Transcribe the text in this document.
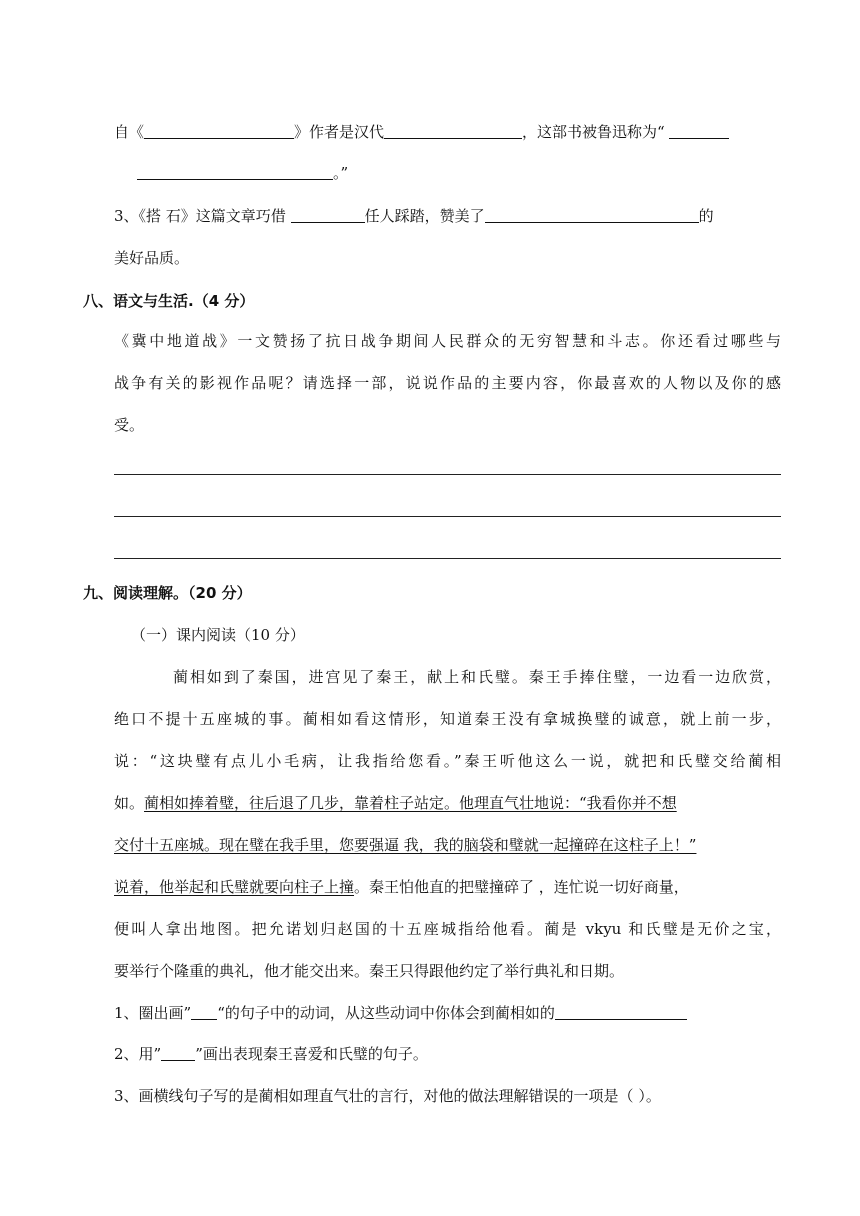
自《	》作者是汉代	，这部书被鲁迅称为“
。”
3、《搭 石》这篇文章巧借	任人踩踏，赞美了	的
美好品质。
八、语文与生活.（4 分）
《冀中地道战》一文赞扬了抗日战争期间人民群众的无穷智慧和斗志。你还看过哪些与
战争有关的影视作品呢？请选择一部，说说作品的主要内容，你最喜欢的人物以及你的感
受。
九、阅读理解。（20 分）
（一）课内阅读（10 分）
蔺相如到了秦国，进宫见了秦王，献上和氏璧。秦王手捧住璧，一边看一边欣赏，
绝口不提十五座城的事。蔺相如看这情形，知道秦王没有拿城换璧的诚意，就上前一步，
说：“这块璧有点儿小毛病，让我指给您看。”秦王听他这么一说，就把和氏璧交给蔺相
如。蔺相如捧着璧，往后退了几步，靠着柱子站定。他理直气壮地说：“我看你并不想
交付十五座城。现在璧在我手里，您要强逼 我，我的脑袋和璧就一起撞碎在这柱子上！”
说着，他举起和氏璧就要向柱子上撞。秦王怕他直的把璧撞碎了 ，连忙说一切好商量，
便叫人拿出地图。把允诺划归赵国的十五座城指给他看。蔺是 vkyu 和氏璧是无价之宝，
要举行个隆重的典礼，他才能交出来。秦王只得跟他约定了举行典礼和日期。
1、圈出画” “的句子中的动词，从这些动词中你体会到蔺相如的
2、用” ”画出表现秦王喜爱和氏璧的句子。
3、画横线句子写的是蔺相如理直气壮的言行，对他的做法理解错误的一项是（ ）。
